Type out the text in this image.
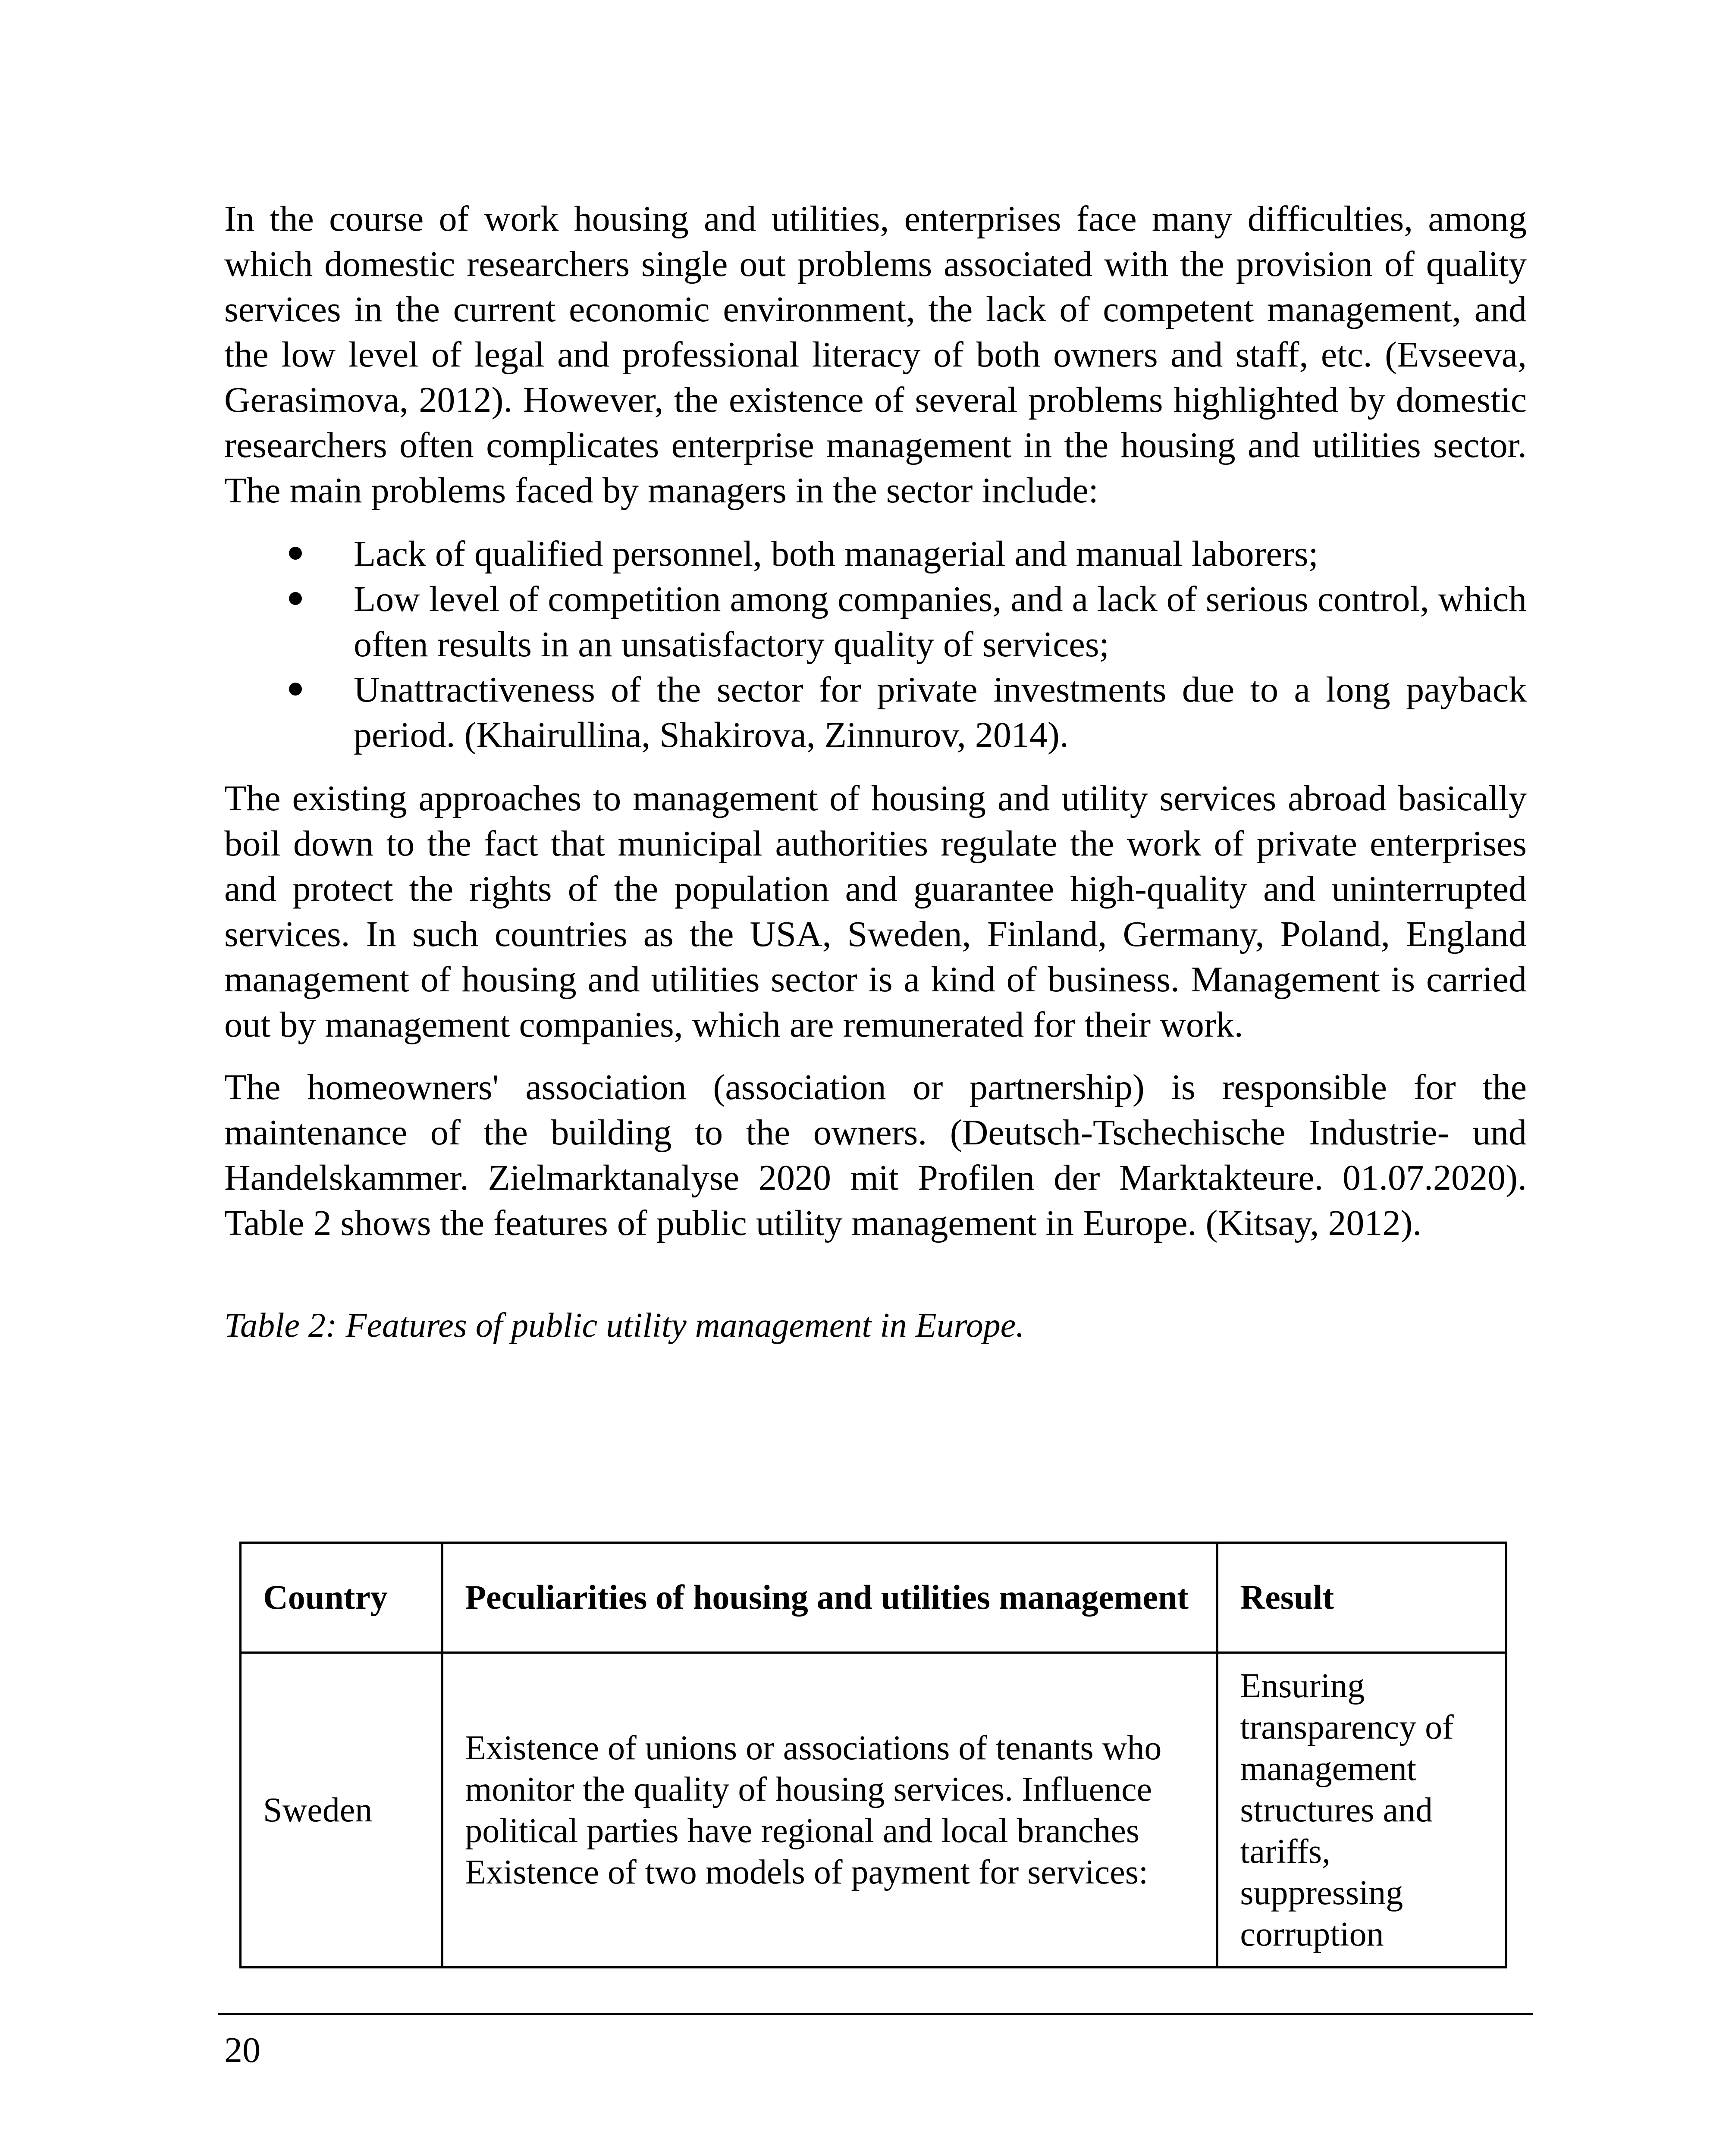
In the course of work housing and utilities, enterprises face many difficulties, among which domestic researchers single out problems associated with the provision of quality services in the current economic environment, the lack of competent management, and the low level of legal and professional literacy of both owners and staff, etc. (Evseeva, Gerasimova, 2012). However, the existence of several problems highlighted by domestic researchers often complicates enterprise management in the housing and utilities sector. The main problems faced by managers in the sector include:

Lack of qualified personnel, both managerial and manual laborers;
Low level of competition among companies, and a lack of serious control, which often results in an unsatisfactory quality of services;
Unattractiveness of the sector for private investments due to a long payback period. (Khairullina, Shakirova, Zinnurov, 2014).

The existing approaches to management of housing and utility services abroad basically boil down to the fact that municipal authorities regulate the work of private enterprises and protect the rights of the population and guarantee high-quality and uninterrupted services. In such countries as the USA, Sweden, Finland, Germany, Poland, England management of housing and utilities sector is a kind of business. Management is carried out by management companies, which are remunerated for their work.

The homeowners' association (association or partnership) is responsible for the maintenance of the building to the owners. (Deutsch-Tschechische Industrie- und Handelskammer. Zielmarktanalyse 2020 mit Profilen der Marktakteure. 01.07.2020). Table 2 shows the features of public utility management in Europe. (Kitsay, 2012).

Table 2: Features of public utility management in Europe.

Country	Peculiarities of housing and utilities management	Result
Sweden	Existence of unions or associations of tenants who monitor the quality of housing services. Influence political parties have regional and local branches Existence of two models of payment for services:	Ensuring transparency of management structures and tariffs, suppressing corruption
20
